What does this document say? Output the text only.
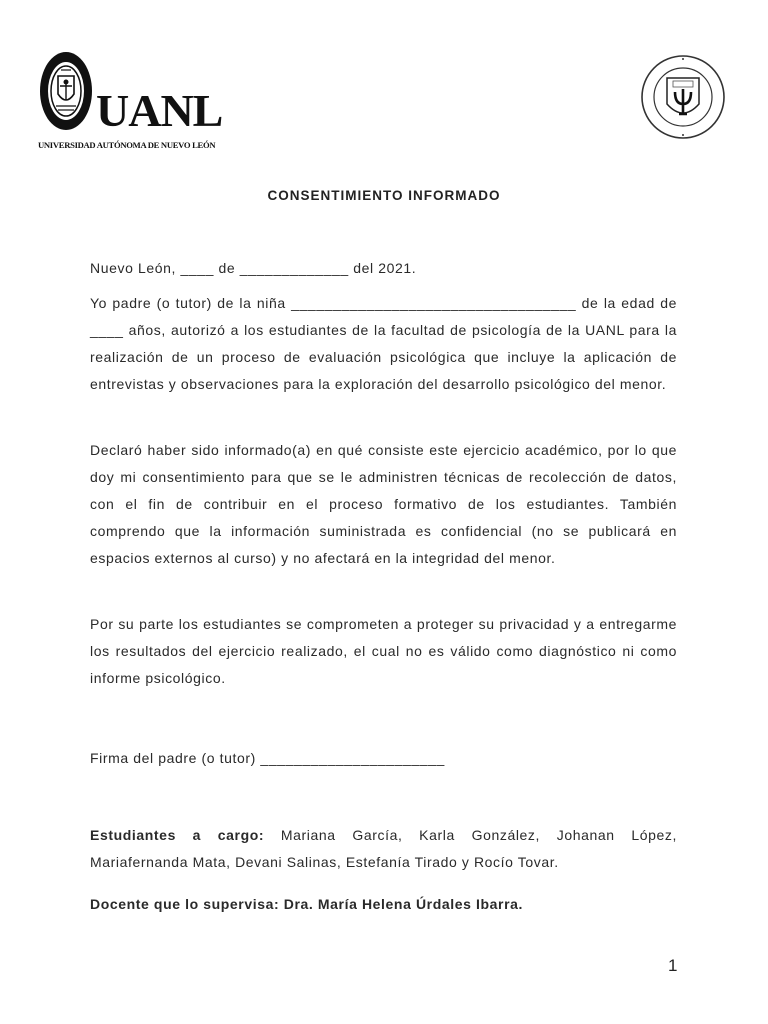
UANL
UNIVERSIDAD AUTÓNOMA DE NUEVO LEÓN
CONSENTIMIENTO INFORMADO
Nuevo León, ____ de _____________ del 2021.
Yo padre (o tutor) de la niña __________________________________ de la edad de ____ años, autorizó a los estudiantes de la facultad de psicología de la UANL para la realización de un proceso de evaluación psicológica que incluye la aplicación de entrevistas y observaciones para la exploración del desarrollo psicológico del menor.
Declaró haber sido informado(a) en qué consiste este ejercicio académico, por lo que doy mi consentimiento para que se le administren técnicas de recolección de datos, con el fin de contribuir en el proceso formativo de los estudiantes. También comprendo que la información suministrada es confidencial (no se publicará en espacios externos al curso) y no afectará en la integridad del menor.
Por su parte los estudiantes se comprometen a proteger su privacidad y a entregarme los resultados del ejercicio realizado, el cual no es válido como diagnóstico ni como informe psicológico.
Firma del padre (o tutor) ______________________
Estudiantes a cargo: Mariana García, Karla González, Johanan López, Mariafernanda Mata, Devani Salinas, Estefanía Tirado y Rocío Tovar.
Docente que lo supervisa: Dra. María Helena Úrdales Ibarra.
1
